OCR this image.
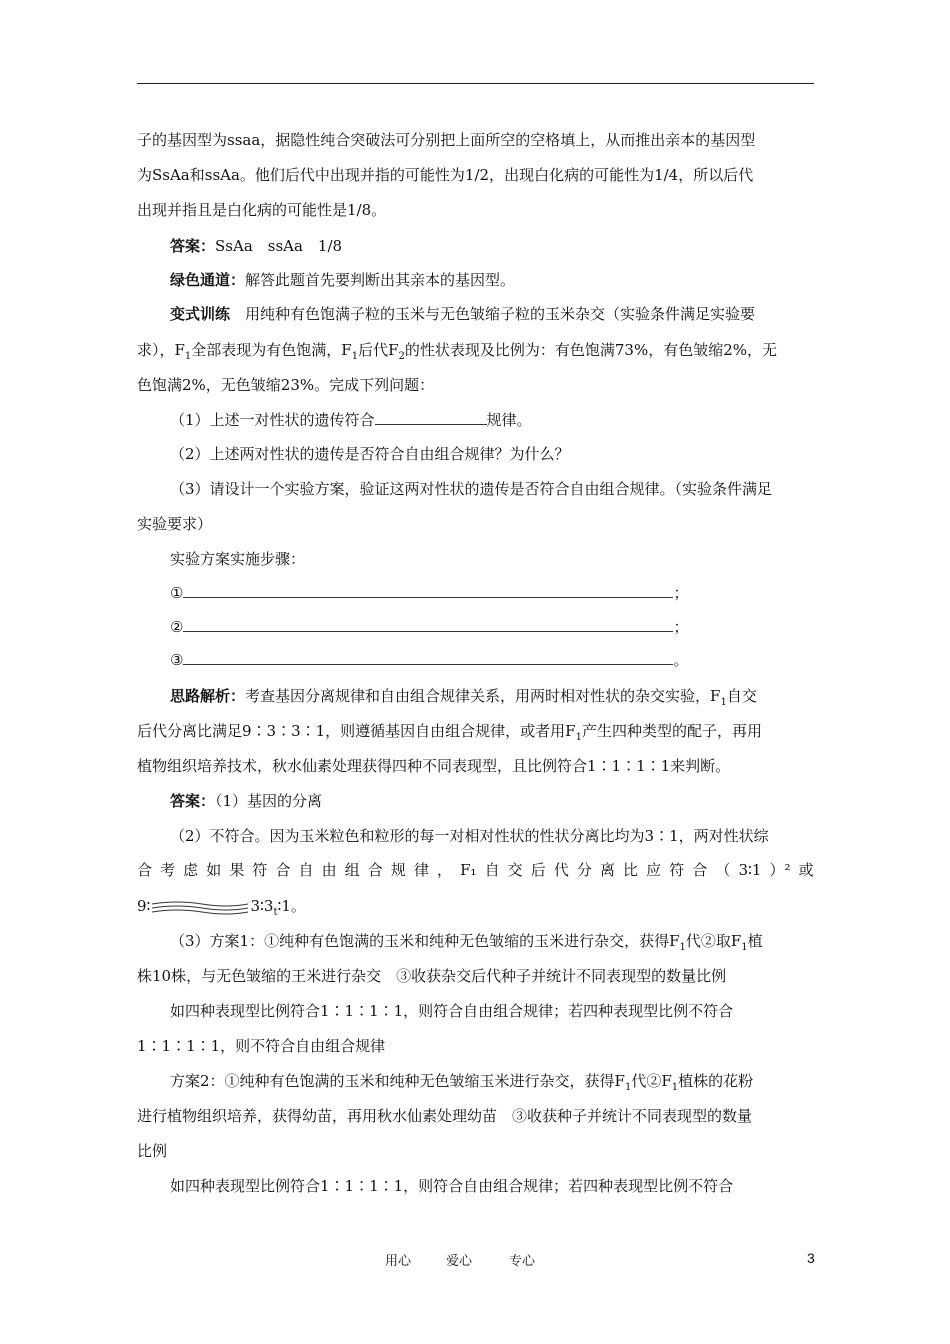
子的基因型为ssaa，据隐性纯合突破法可分别把上面所空的空格填上，从而推出亲本的基因型
为SsAa和ssAa。他们后代中出现并指的可能性为1/2，出现白化病的可能性为1/4，所以后代
出现并指且是白化病的可能性是1/8。
答案：SsAa　ssAa　1/8
绿色通道：解答此题首先要判断出其亲本的基因型。
变式训练　用纯种有色饱满子粒的玉米与无色皱缩子粒的玉米杂交（实验条件满足实验要
求），$F_1$全部表现为有色饱满，$F_1$后代$F_2$的性状表现及比例为：有色饱满73%，有色皱缩2%，无
色饱满2%，无色皱缩23%。完成下列问题：
（1）上述一对性状的遗传符合	规律。
（2）上述两对性状的遗传是否符合自由组合规律？为什么？
（3）请设计一个实验方案，验证这两对性状的遗传是否符合自由组合规律。（实验条件满足
实验要求）
实验方案实施步骤：
①	；
②	；
③	。
思路解析：考查基因分离规律和自由组合规律关系，用两时相对性状的杂交实验，$F_1$自交
后代分离比满足9∶3∶3∶1，则遵循基因自由组合规律，或者用$F_1$产生四种类型的配子，再用
植物组织培养技术，秋水仙素处理获得四种不同表现型，且比例符合1∶1∶1∶1来判断。
答案：（1）基因的分离
（2）不符合。因为玉米粒色和粒形的每一对相对性状的性状分离比均为3∶1，两对性状综
合 考 虑 如 果 符 合 自 由 组 合 规 律 ， F₁ 自 交 后 代 分 离 比 应 符 合 （ 3∶1 ）² 或
9∶	$3∶3_t∶1$。
（3）方案1：①纯种有色饱满的玉米和纯种无色皱缩的玉米进行杂交，获得$F_1$代②取$F_1$植
株10株，与无色皱缩的王米进行杂交　③收获杂交后代种子并统计不同表现型的数量比例
如四种表现型比例符合1∶1∶1∶1，则符合自由组合规律；若四种表现型比例不符合
1∶1∶1∶1，则不符合自由组合规律
方案2：①纯种有色饱满的玉米和纯种无色皱缩玉米进行杂交，获得$F_1$代$②F_1$植株的花粉
进行植物组织培养，获得幼苗，再用秋水仙素处理幼苗　③收获种子并统计不同表现型的数量
比例
如四种表现型比例符合1∶1∶1∶1，则符合自由组合规律；若四种表现型比例不符合
用心	爱心	专心	3
